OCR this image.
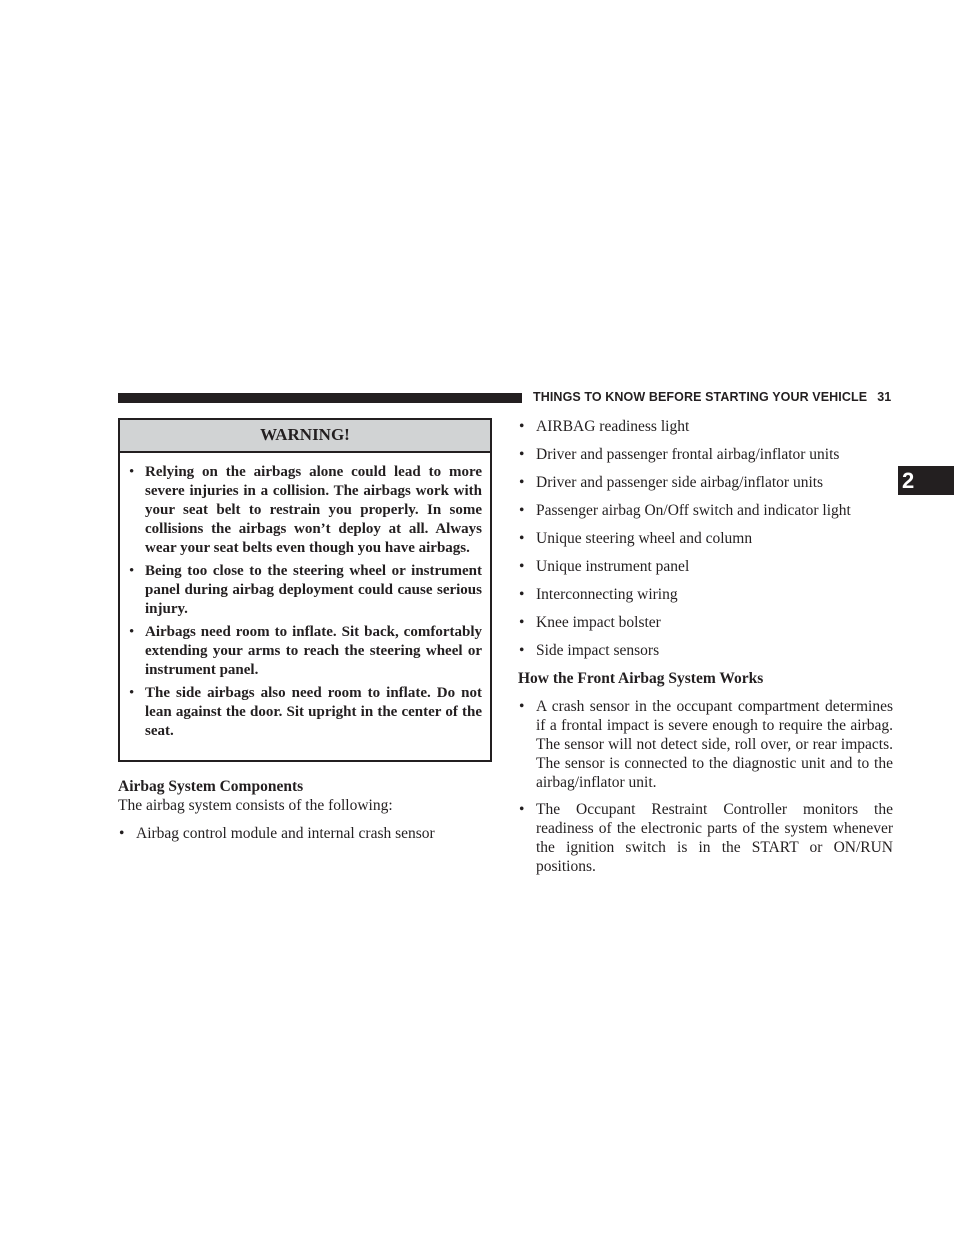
THINGS TO KNOW BEFORE STARTING YOUR VEHICLE 31
2
WARNING!
• Relying on the airbags alone could lead to more severe injuries in a collision. The airbags work with your seat belt to restrain you properly. In some collisions the airbags won’t deploy at all. Always wear your seat belts even though you have airbags.
• Being too close to the steering wheel or instrument panel during airbag deployment could cause serious injury.
• Airbags need room to inflate. Sit back, comfortably extending your arms to reach the steering wheel or instrument panel.
• The side airbags also need room to inflate. Do not lean against the door. Sit upright in the center of the seat.
Airbag System Components
The airbag system consists of the following:
• Airbag control module and internal crash sensor
• AIRBAG readiness light
• Driver and passenger frontal airbag/inflator units
• Driver and passenger side airbag/inflator units
• Passenger airbag On/Off switch and indicator light
• Unique steering wheel and column
• Unique instrument panel
• Interconnecting wiring
• Knee impact bolster
• Side impact sensors
How the Front Airbag System Works
• A crash sensor in the occupant compartment determines if a frontal impact is severe enough to require the airbag. The sensor will not detect side, roll over, or rear impacts. The sensor is connected to the diagnostic unit and to the airbag/inflator unit.
• The Occupant Restraint Controller monitors the readiness of the electronic parts of the system whenever the ignition switch is in the START or ON/RUN positions.
